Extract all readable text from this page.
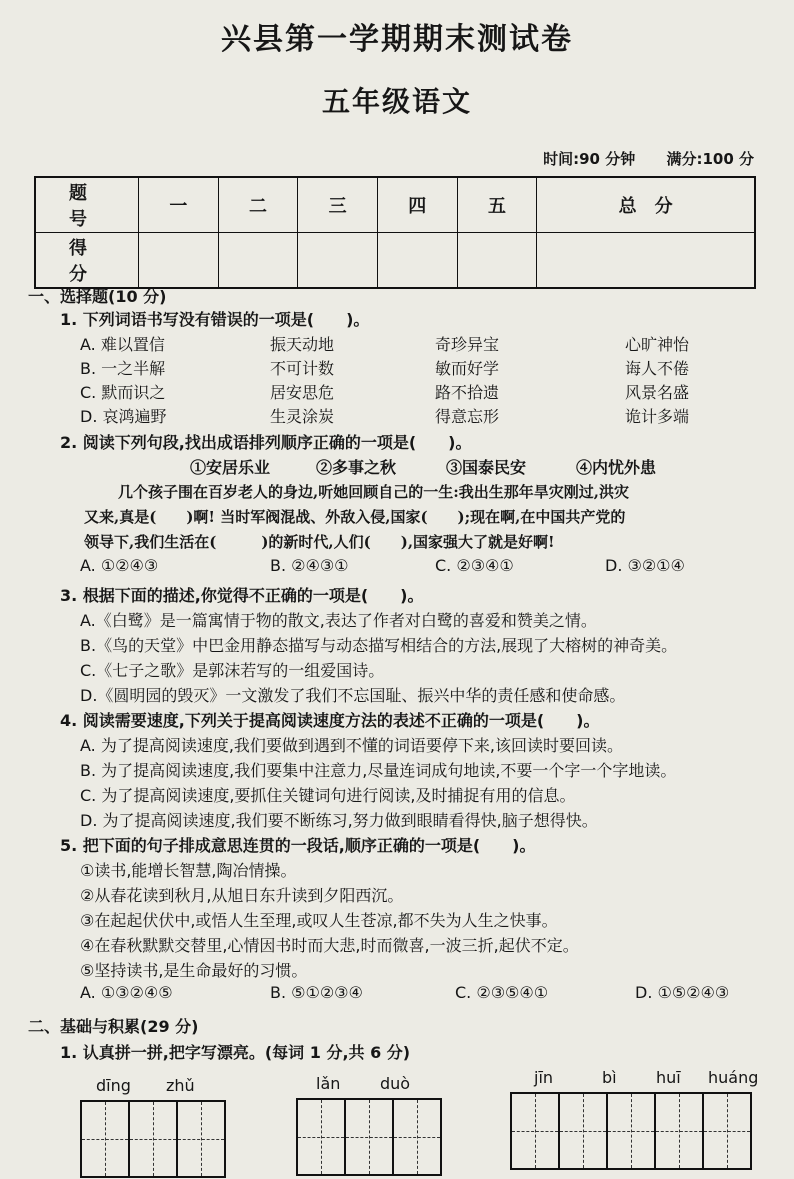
兴县第一学期期末测试卷
五年级语文
时间:90 分钟 满分:100 分
题　号	一	二	三	四	五	总　分
得　分						
一、选择题(10 分)
1. 下列词语书写没有错误的一项是(　　)。
A. 难以置信	振天动地	奇珍异宝	心旷神怡
B. 一之半解	不可计数	敏而好学	诲人不倦
C. 默而识之	居安思危	路不拾遗	风景名盛
D. 哀鸿遍野	生灵涂炭	得意忘形	诡计多端
2. 阅读下列句段,找出成语排列顺序正确的一项是(　　)。
①安居乐业	②多事之秋	③国泰民安	④内忧外患
几个孩子围在百岁老人的身边,听她回顾自己的一生:我出生那年旱灾刚过,洪灾
又来,真是(　　)啊! 当时军阀混战、外敌入侵,国家(　　);现在啊,在中国共产党的
领导下,我们生活在(　　　)的新时代,人们(　　),国家强大了就是好啊!
A. ①②④③	B. ②④③①	C. ②③④①	D. ③②①④
3. 根据下面的描述,你觉得不正确的一项是(　　)。
A.《白鹭》是一篇寓情于物的散文,表达了作者对白鹭的喜爱和赞美之情。
B.《鸟的天堂》中巴金用静态描写与动态描写相结合的方法,展现了大榕树的神奇美。
C.《七子之歌》是郭沫若写的一组爱国诗。
D.《圆明园的毁灭》一文激发了我们不忘国耻、振兴中华的责任感和使命感。
4. 阅读需要速度,下列关于提高阅读速度方法的表述不正确的一项是(　　)。
A. 为了提高阅读速度,我们要做到遇到不懂的词语要停下来,该回读时要回读。
B. 为了提高阅读速度,我们要集中注意力,尽量连词成句地读,不要一个字一个字地读。
C. 为了提高阅读速度,要抓住关键词句进行阅读,及时捕捉有用的信息。
D. 为了提高阅读速度,我们要不断练习,努力做到眼睛看得快,脑子想得快。
5. 把下面的句子排成意思连贯的一段话,顺序正确的一项是(　　)。
①读书,能增长智慧,陶冶情操。
②从春花读到秋月,从旭日东升读到夕阳西沉。
③在起起伏伏中,或悟人生至理,或叹人生苍凉,都不失为人生之快事。
④在春秋默默交替里,心情因书时而大悲,时而微喜,一波三折,起伏不定。
⑤坚持读书,是生命最好的习惯。
A. ①③②④⑤	B. ⑤①②③④	C. ②③⑤④①	D. ①⑤②④③
二、基础与积累(29 分)
1. 认真拼一拼,把字写漂亮。(每词 1 分,共 6 分)
dīng zhǔ	lǎn duò	jīn	bì huī huáng
